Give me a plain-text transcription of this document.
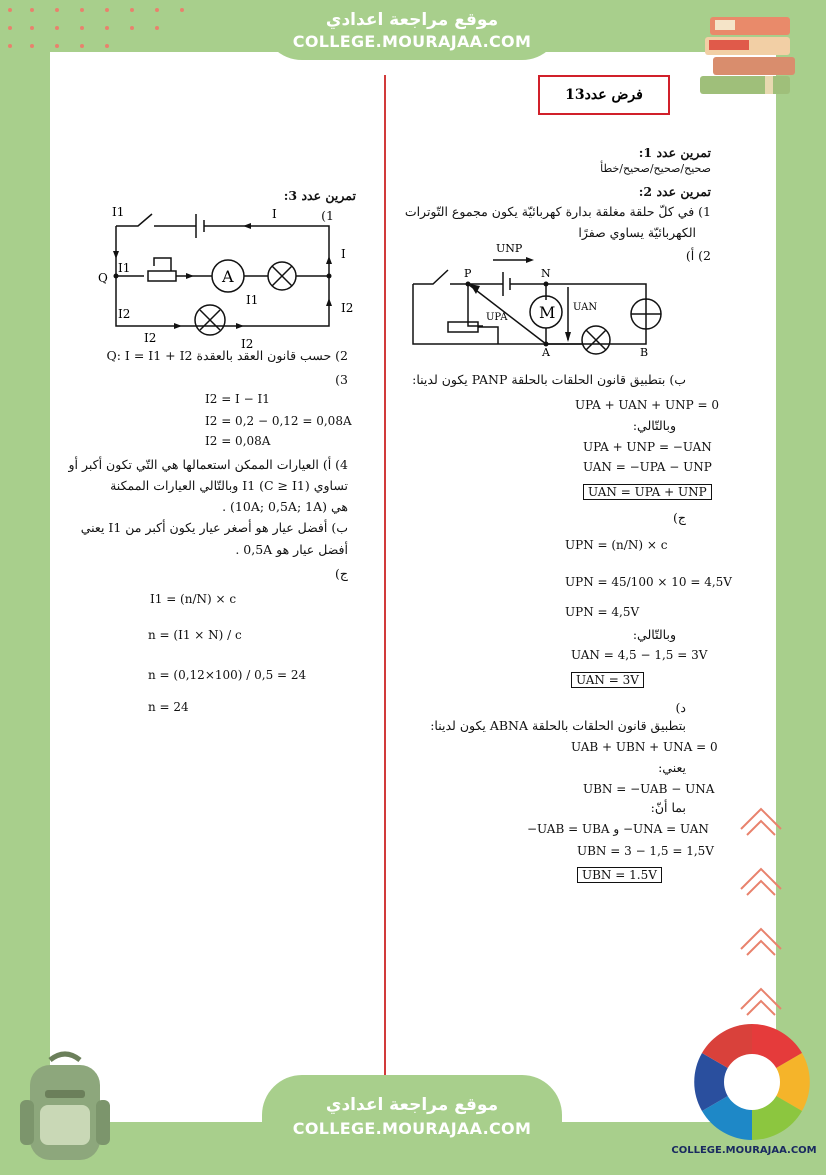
موقع مراجعة اعدادي
COLLEGE.MOURAJAA.COM
فرض عدد13
تمرين عدد 1:
صحيح/صحيح/صحيح/خطأ
تمرين عدد 2:
1) في كلّ حلقة مغلقة بدارة كهربائيّة يكون مجموع التّوترات
الكهربائيّة يساوي صفرًا
2) أ)
UNP
P	N
UPA
UAN
M
A	B
ب) بتطبيق قانون الحلقات بالحلقة PANP يكون لدينا:
UPA + UAN + UNP = 0
وبالتّالي:
UPA + UNP = −UAN
UAN = −UPA − UNP
UAN = UPA + UNP
ج)
UPN = (n/N) × c
UPN = 45/100 × 10 = 4,5V
UPN = 4,5V
وبالتّالي:
UAN = 4,5 − 1,5 = 3V
UAN = 3V
د)
بتطبيق قانون الحلقات بالحلقة ABNA يكون لدينا:
UAB + UBN + UNA = 0
يعني:
UBN = −UAB − UNA
بما أنّ:
−UAB = UBA و −UNA = UAN
UBN = 3 − 1,5 = 1,5V
UBN = 1.5V
تمرين عدد 3:
1)
I1	I
I
Q
I1	A
I1
I2
I2
I2	I2
2) حسب قانون العقد بالعقدة Q: I = I1 + I2
3)
I2 = I − I1
I2 = 0,2 − 0,12 = 0,08A
I2 = 0,08A
4) أ) العيارات الممكن استعمالها هي التّي تكون أكبر أو
تساوي I1 (C ≥ I1) وبالتّالي العيارات الممكنة
هي (10A; 0,5A; 1A) .
ب) أفضل عيار هو أصغر عيار يكون أكبر من I1 يعني
أفضل عيار هو 0,5A .
ج)
I1 = (n/N) × c
n = (I1 × N) / c
n = (0,12×100) / 0,5 = 24
n = 24
موقع مراجعة اعدادي
COLLEGE.MOURAJAA.COM
COLLEGE.MOURAJAA.COM
